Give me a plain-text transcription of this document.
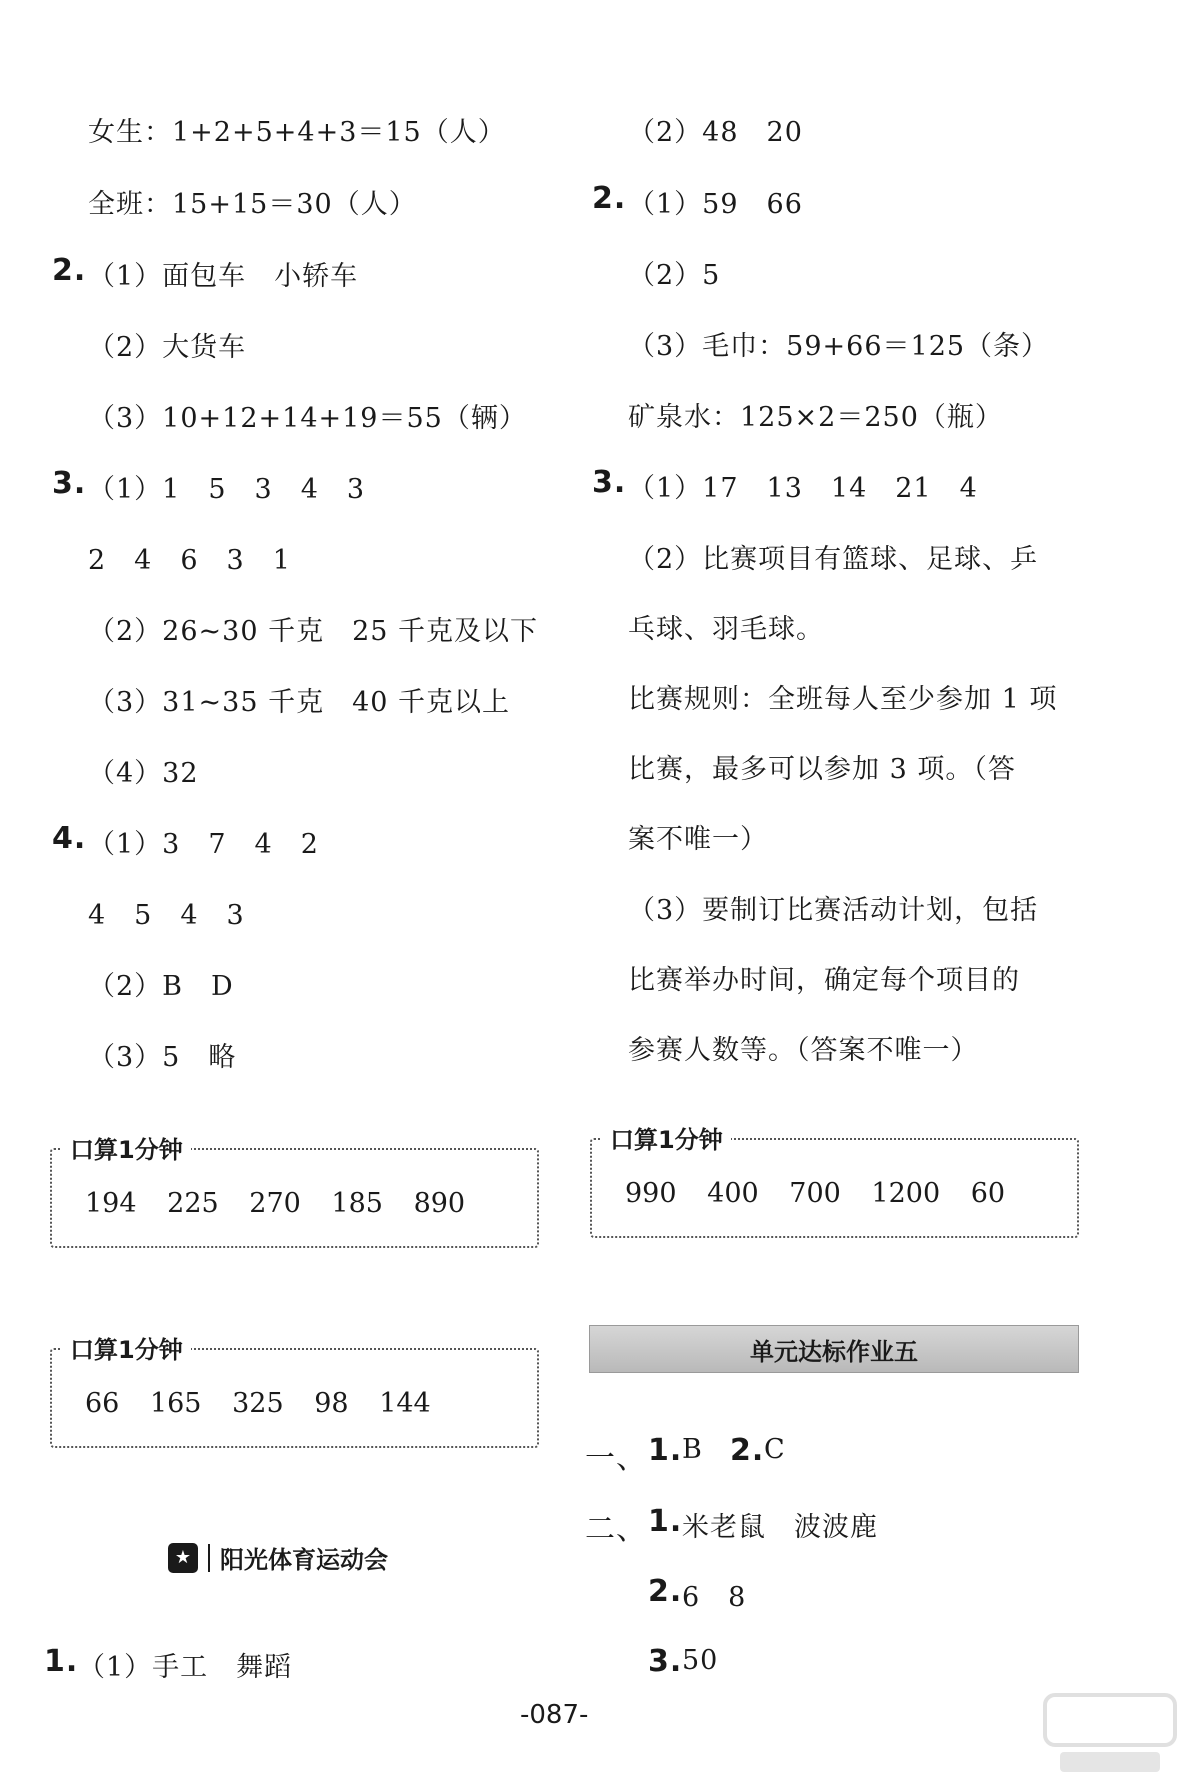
女生：1+2+5+4+3＝15（人）
全班：15+15＝30（人）
2. （1）面包车　小轿车
（2）大货车
（3）10+12+14+19＝55（辆）
3. （1）1　5　3　4　3
2　4　6　3　1
（2）26~30 千克　25 千克及以下
（3）31~35 千克　40 千克以上
（4）32
4. （1）3　7　4　2
4　5　4　3
（2）B　D
（3）5　略
口算1分钟
194 225 270 185 890
口算1分钟
66 165 325 98 144
★ 阳光体育运动会
1. （1）手工　舞蹈
（2）48　20
2. （1）59　66
（2）5
（3）毛巾：59+66＝125（条）
矿泉水：125×2＝250（瓶）
3. （1）17　13　14　21　4
（2）比赛项目有篮球、足球、乒
乓球、羽毛球。
比赛规则：全班每人至少参加 1 项
比赛，最多可以参加 3 项。（答
案不唯一）
（3）要制订比赛活动计划，包括
比赛举办时间，确定每个项目的
参赛人数等。（答案不唯一）
口算1分钟
990 400 700 1200 60
单元达标作业五
一、 1. B 2. C
二、 1. 米老鼠　波波鹿
2. 6　8
3. 50
-087-
